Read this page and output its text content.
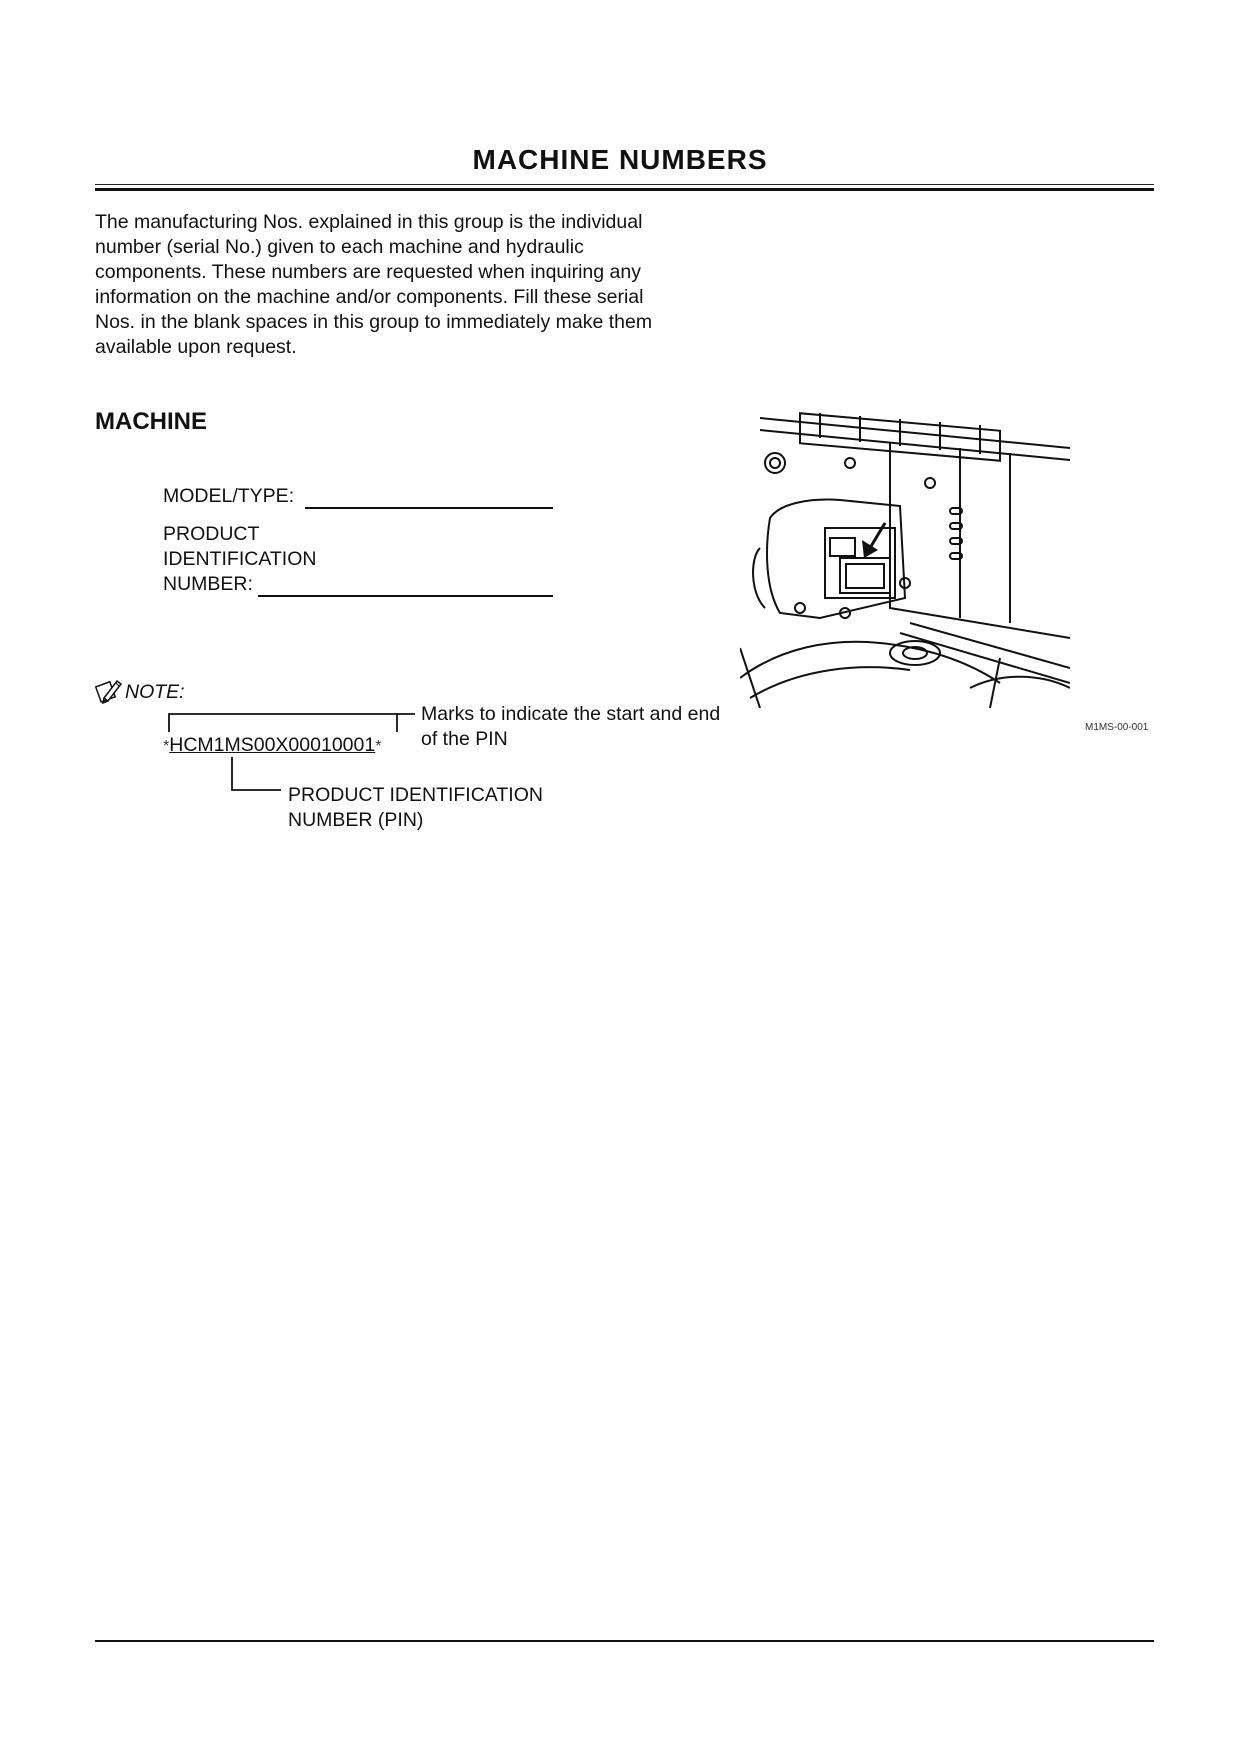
MACHINE NUMBERS

The manufacturing Nos. explained in this group is the individual number (serial No.) given to each machine and hydraulic components. These numbers are requested when inquiring any information on the machine and/or components. Fill these serial Nos. in the blank spaces in this group to immediately make them available upon request.

MACHINE
MODEL/TYPE:
PRODUCT
IDENTIFICATION
NUMBER:
NOTE:
*HCM1MS00X00010001*
Marks to indicate the start and end of the PIN
PRODUCT IDENTIFICATION
NUMBER (PIN)
M1MS-00-001
